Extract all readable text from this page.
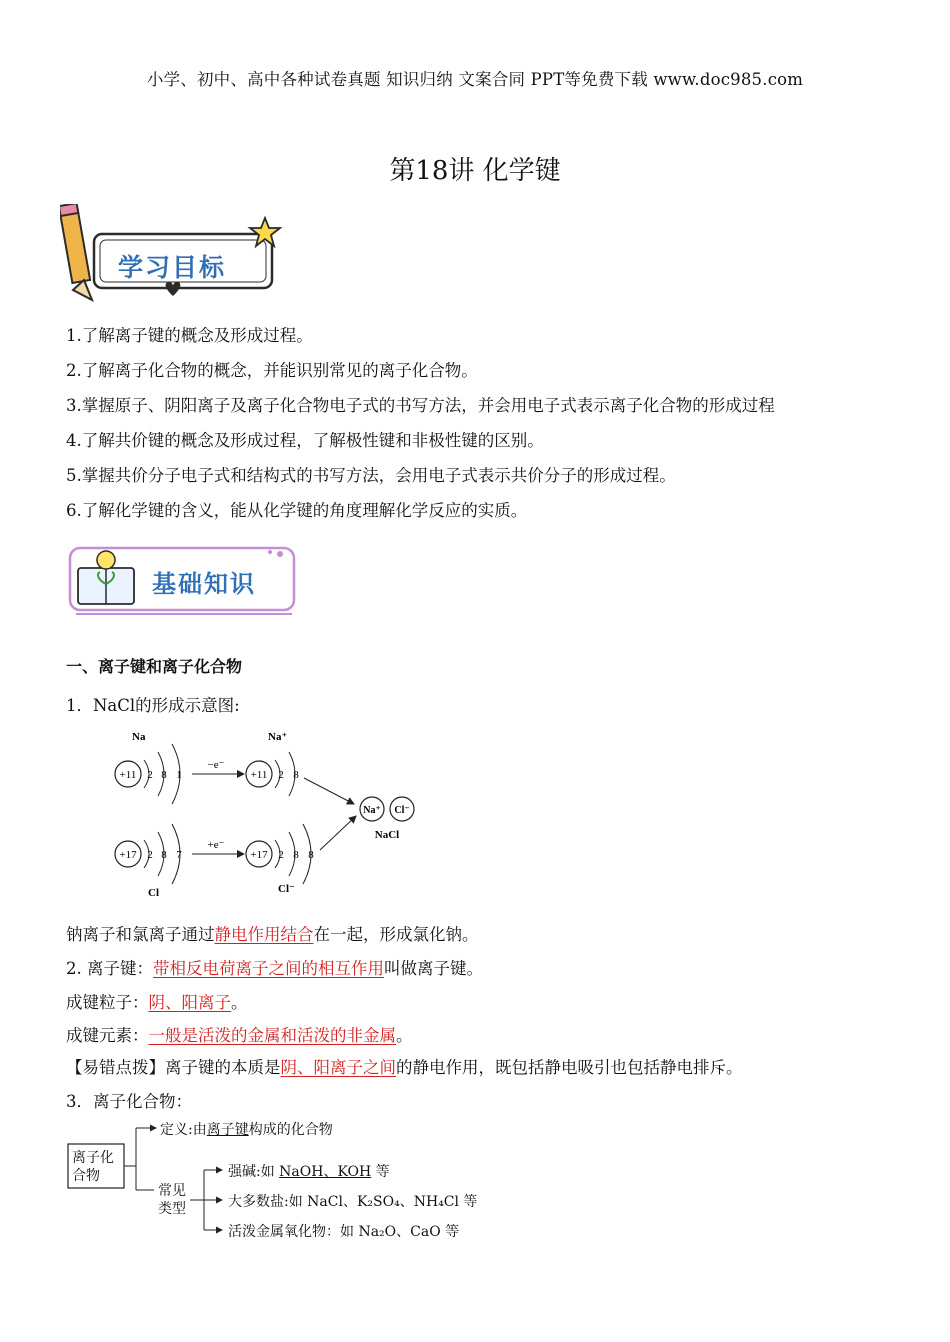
小学、初中、高中各种试卷真题 知识归纳 文案合同 PPT等免费下载 www.doc985.com
第18讲 化学键
学习目标
1.了解离子键的概念及形成过程。
2.了解离子化合物的概念，并能识别常见的离子化合物。
3.掌握原子、阴阳离子及离子化合物电子式的书写方法，并会用电子式表示离子化合物的形成过程
4.了解共价键的概念及形成过程，了解极性键和非极性键的区别。
5.掌握共价分子电子式和结构式的书写方法，会用电子式表示共价分子的形成过程。
6.了解化学键的含义，能从化学键的角度理解化学反应的实质。
基础知识
一、离子键和离子化合物
1．NaCl的形成示意图:
Na
+11 2 8 1
−e⁻
Na⁺
+11 2 8
+17 2 8 7
Cl
+e⁻
+17 2 8 8
Cl⁻
Na⁺ Cl⁻
NaCl
钠离子和氯离子通过静电作用结合在一起，形成氯化钠。
2. 离子键：带相反电荷离子之间的相互作用叫做离子键。
成键粒子：阴、阳离子。
成键元素：一般是活泼的金属和活泼的非金属。
【易错点拨】离子键的本质是阴、阳离子之间的静电作用，既包括静电吸引也包括静电排斥。
3．离子化合物：
离子化
合物
定义:由离子键构成的化合物
常见
类型
强碱:如 NaOH、KOH 等
大多数盐:如 NaCl、K₂SO₄、NH₄Cl 等
活泼金属氧化物：如 Na₂O、CaO 等
